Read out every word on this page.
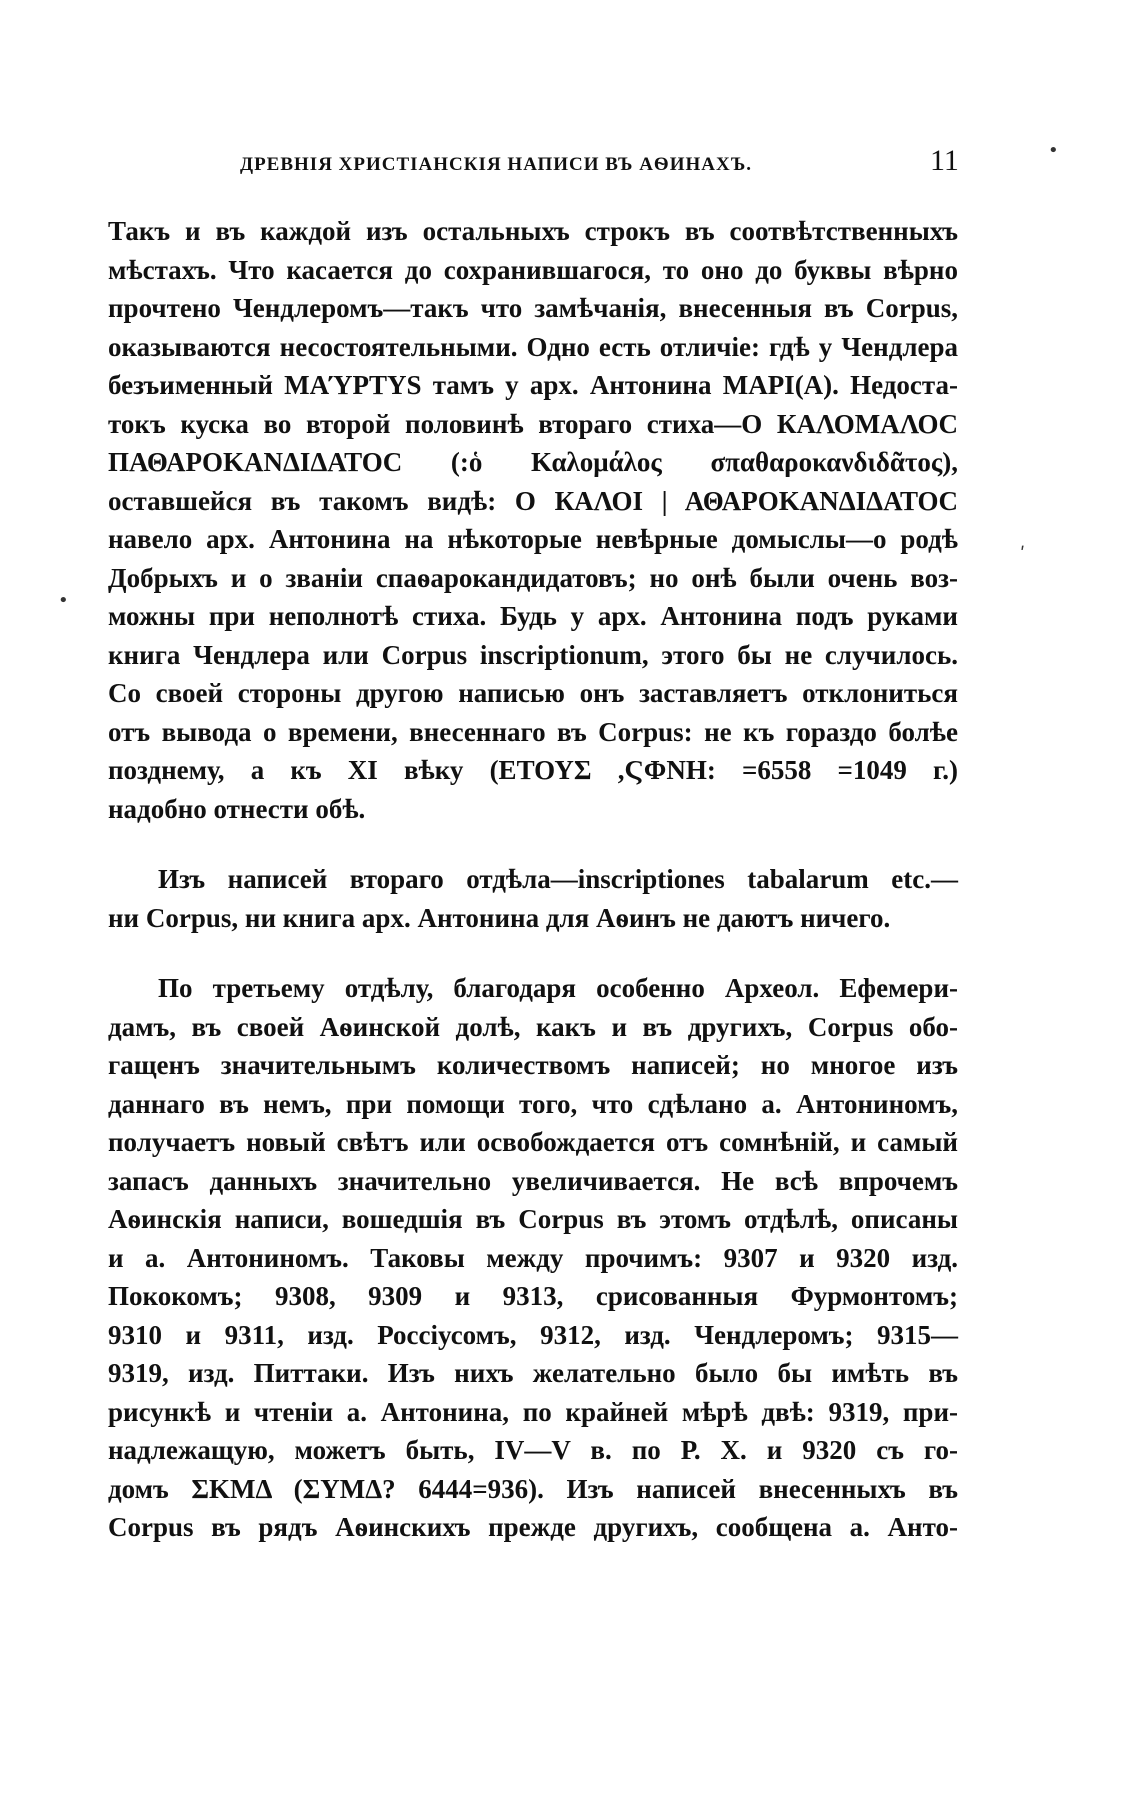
ДРЕВНІЯ ХРИСТІАНСКІЯ НАПИСИ ВЪ АѲИНАХЪ.	11
Такъ и въ каждой изъ остальныхъ строкъ въ соотвѣтственныхъ
мѣстахъ. Что касается до сохранившагося, то оно до буквы вѣрно
прочтено Чендлеромъ—такъ что замѣчанія, внесенныя въ Corpus,
оказываются несостоятельными. Одно есть отличіе: гдѣ у Чендлера
безъименный МАΎΡΤΥS тамъ у арх. Антонина МАРІ(А). Недоста-
токъ куска во второй половинѣ втораго стиха—О КАΛΟΜΑΛΟС
ΠΑΘΑΡΟΚΑΝΔΙΔΑΤΟС (:ὁ Καλομάλος σπαθαροκανδιδᾶτος),
оставшейся въ такомъ видѣ: О КАΛΟΙ | ΑΘΑΡΟΚΑΝΔΙΔΑΤΟС
навело арх. Антонина на нѣкоторые невѣрные домыслы—о родѣ
Добрыхъ и о званіи спаѳарокандидатовъ; но онѣ были очень воз-
можны при неполнотѣ стиха. Будь у арх. Антонина подъ руками
книга Чендлера или Corpus inscriptionum, этого бы не случилось.
Со своей стороны другою написью онъ заставляетъ отклониться
отъ вывода о времени, внесеннаго въ Corpus: не къ гораздо болѣе
позднему, а къ XI вѣку (ΕΤΟΥΣ ,ϚΦΝΗ: =6558 =1049 г.)
надобно отнести обѣ.
Изъ написей втораго отдѣла—inscriptiones tabalarum etc.—
ни Corpus, ни книга арх. Антонина для Аѳинъ не даютъ ничего.
По третьему отдѣлу, благодаря особенно Археол. Ефемери-
дамъ, въ своей Аѳинской долѣ, какъ и въ другихъ, Corpus обо-
гащенъ значительнымъ количествомъ написей; но многое изъ
даннаго въ немъ, при помощи того, что сдѣлано а. Антониномъ,
получаетъ новый свѣтъ или освобождается отъ сомнѣній, и самый
запасъ данныхъ значительно увеличивается. Не всѣ впрочемъ
Аѳинскія написи, вошедшія въ Corpus въ этомъ отдѣлѣ, описаны
и а. Антониномъ. Таковы между прочимъ: 9307 и 9320 изд.
Пококомъ; 9308, 9309 и 9313, срисованныя Фурмонтомъ;
9310 и 9311, изд. Россіусомъ, 9312, изд. Чендлеромъ; 9315—
9319, изд. Питтаки. Изъ нихъ желательно было бы имѣть въ
рисункѣ и чтеніи а. Антонина, по крайней мѣрѣ двѣ: 9319, при-
надлежащую, можетъ быть, IV—V в. по Р. Х. и 9320 съ го-
домъ ΣΚΜΔ (ΣΥΜΔ? 6444=936). Изъ написей внесенныхъ въ
Corpus въ рядъ Аѳинскихъ прежде другихъ, сообщена а. Анто-
•
ʹ
•
